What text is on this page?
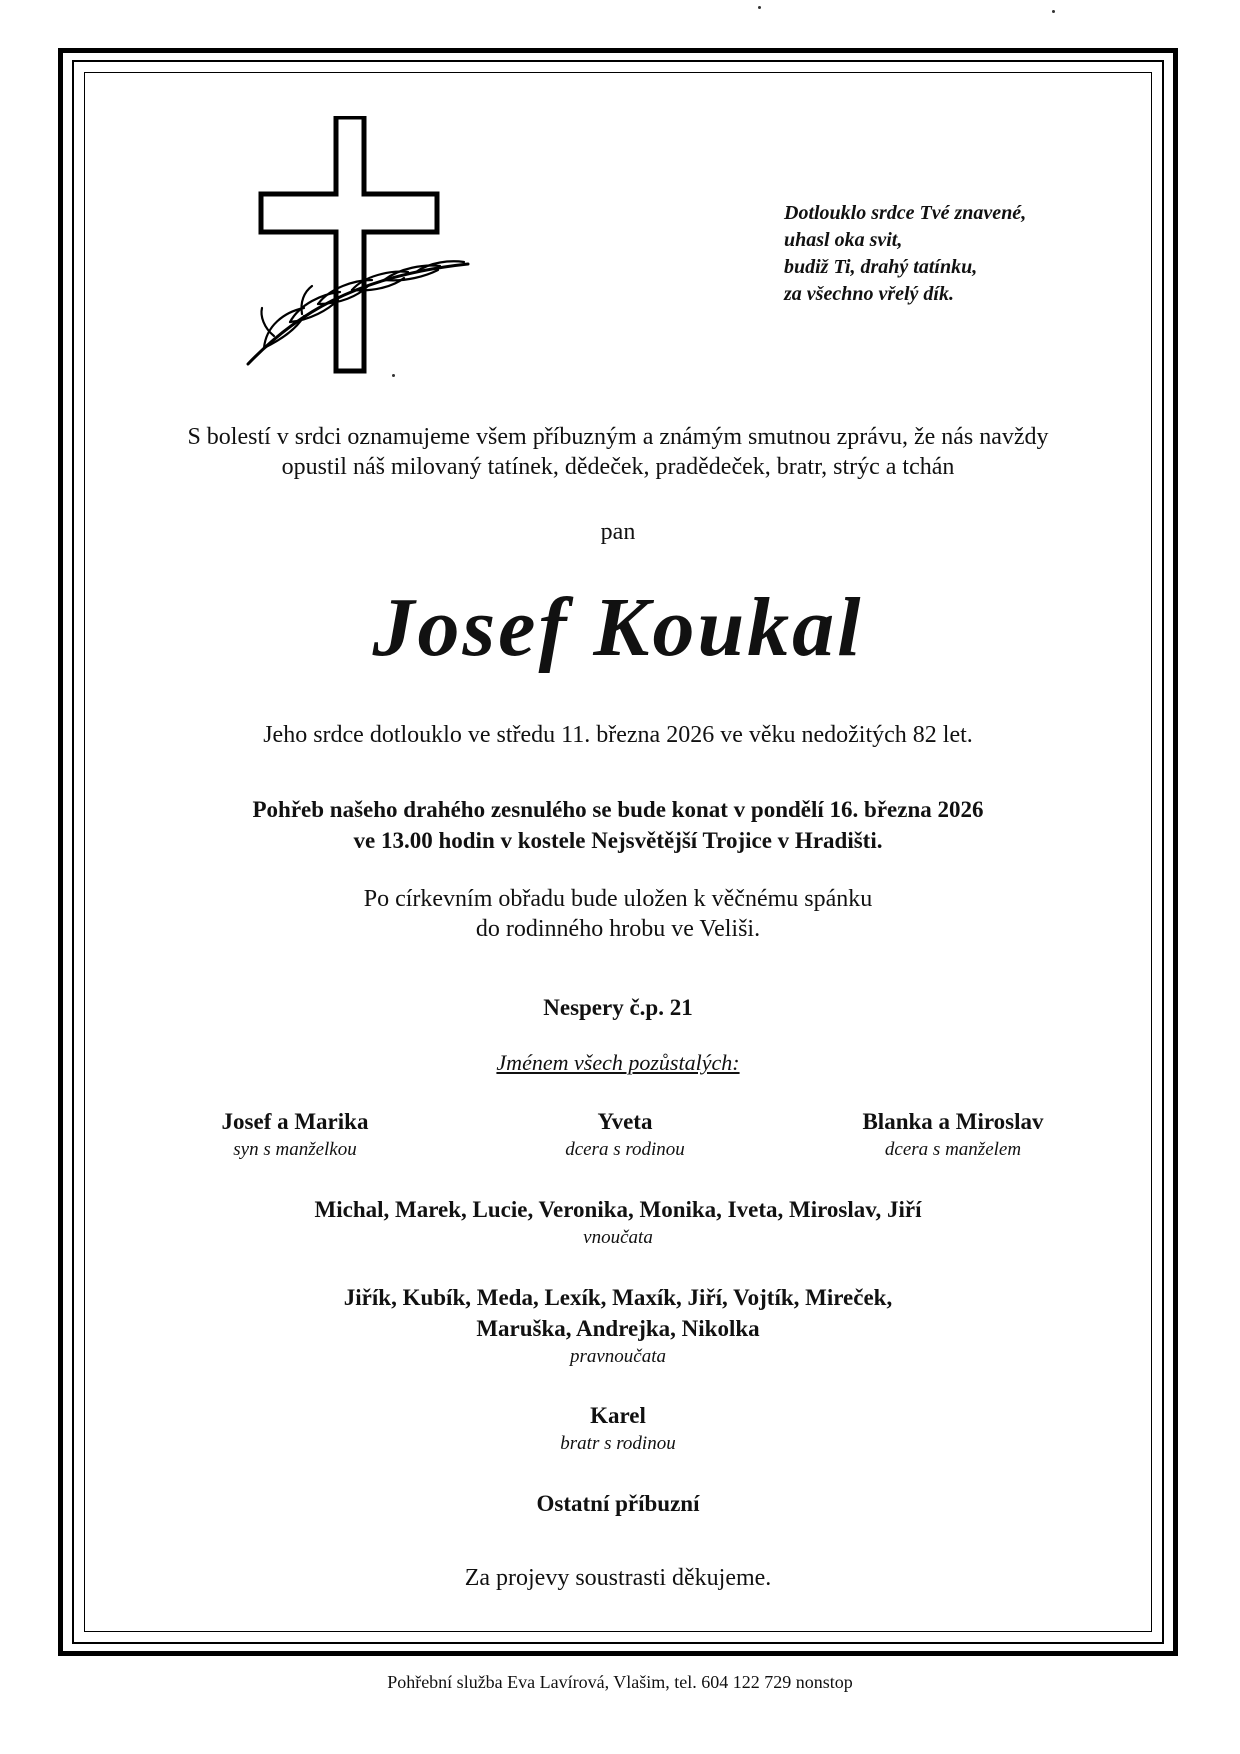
Dotlouklo srdce Tvé znavené,
uhasl oka svit,
budiž Ti, drahý tatínku,
za všechno vřelý dík.
S bolestí v srdci oznamujeme všem příbuzným a známým smutnou zprávu, že nás navždy
opustil náš milovaný tatínek, dědeček, pradědeček, bratr, strýc a tchán
pan
Josef Koukal
Jeho srdce dotlouklo ve středu 11. března 2026 ve věku nedožitých 82 let.
Pohřeb našeho drahého zesnulého se bude konat v pondělí 16. března 2026
ve 13.00 hodin v kostele Nejsvětější Trojice v Hradišti.
Po církevním obřadu bude uložen k věčnému spánku
do rodinného hrobu ve Veliši.
Nespery č.p. 21
Jménem všech pozůstalých:
Josef a Marika
syn s manželkou
Yveta
dcera s rodinou
Blanka a Miroslav
dcera s manželem
Michal, Marek, Lucie, Veronika, Monika, Iveta, Miroslav, Jiří
vnoučata
Jiřík, Kubík, Meda, Lexík, Maxík, Jiří, Vojtík, Mireček,
Maruška, Andrejka, Nikolka
pravnoučata
Karel
bratr s rodinou
Ostatní příbuzní
Za projevy soustrasti děkujeme.
Pohřební služba Eva Lavírová, Vlašim, tel. 604 122 729 nonstop
